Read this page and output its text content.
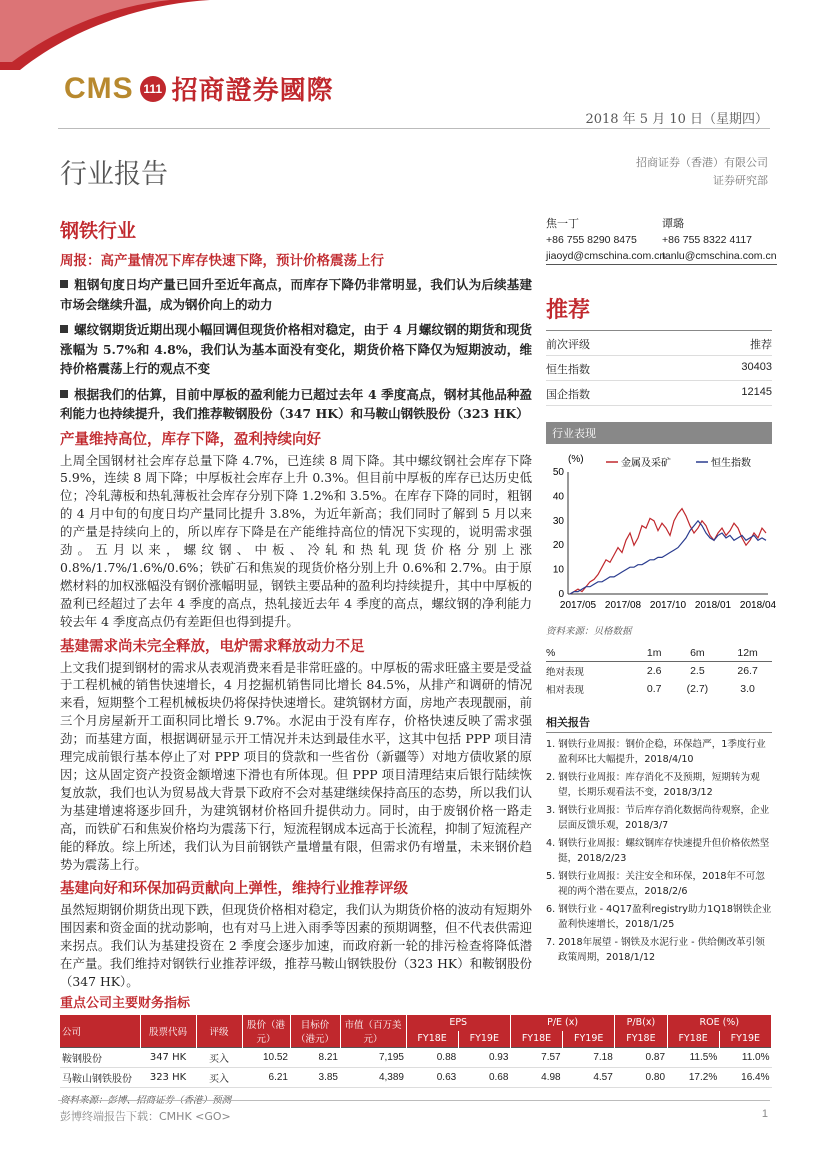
CMS 111 招商證券國際
2018 年 5 月 10 日（星期四）
行业报告	招商证券（香港）有限公司
证券研究部
钢铁行业
周报：高产量情况下库存快速下降，预计价格震荡上行
粗钢旬度日均产量已回升至近年高点，而库存下降仍非常明显，我们认为后续基建市场会继续升温，成为钢价向上的动力
螺纹钢期货近期出现小幅回调但现货价格相对稳定，由于 4 月螺纹钢的期货和现货涨幅为 5.7%和 4.8%，我们认为基本面没有变化，期货价格下降仅为短期波动，维持价格震荡上行的观点不变
根据我们的估算，目前中厚板的盈利能力已超过去年 4 季度高点，钢材其他品种盈利能力也持续提升，我们推荐鞍钢股份（347 HK）和马鞍山钢铁股份（323 HK）
产量维持高位，库存下降，盈利持续向好
上周全国钢材社会库存总量下降 4.7%，已连续 8 周下降。其中螺纹钢社会库存下降 5.9%，连续 8 周下降；中厚板社会库存上升 0.3%。但目前中厚板的库存已达历史低位；冷轧薄板和热轧薄板社会库存分别下降 1.2%和 3.5%。在库存下降的同时，粗钢的 4 月中旬的旬度日均产量同比提升 3.8%，为近年新高；我们同时了解到 5 月以来的产量是持续向上的，所以库存下降是在产能维持高位的情况下实现的，说明需求强劲。五月以来，螺纹钢、中板、冷轧和热轧现货价格分别上涨 0.8%/1.7%/1.6%/0.6%；铁矿石和焦炭的现货价格分别上升 0.6%和 2.7%。由于原燃材料的加权涨幅没有钢价涨幅明显，钢铁主要品种的盈利均持续提升，其中中厚板的盈利已经超过了去年 4 季度的高点，热轧接近去年 4 季度的高点，螺纹钢的净利能力较去年 4 季度高点仍有差距但也得到提升。
基建需求尚未完全释放，电炉需求释放动力不足
上文我们提到钢材的需求从表观消费来看是非常旺盛的。中厚板的需求旺盛主要是受益于工程机械的销售快速增长，4 月挖掘机销售同比增长 84.5%，从排产和调研的情况来看，短期整个工程机械板块仍将保持快速增长。建筑钢材方面，房地产表现靓丽，前三个月房屋新开工面积同比增长 9.7%。水泥由于没有库存，价格快速反映了需求强劲；而基建方面，根据调研显示开工情况并未达到最佳水平，这其中包括 PPP 项目清理完成前银行基本停止了对 PPP 项目的贷款和一些省份（新疆等）对地方债收紧的原因；这从固定资产投资金额增速下滑也有所体现。但 PPP 项目清理结束后银行陆续恢复放款，我们也认为贸易战大背景下政府不会对基建继续保持高压的态势，所以我们认为基建增速将逐步回升，为建筑钢材价格回升提供动力。同时，由于废钢价格一路走高，而铁矿石和焦炭价格均为震荡下行，短流程钢成本远高于长流程，抑制了短流程产能的释放。综上所述，我们认为目前钢铁产量增量有限，但需求仍有增量，未来钢价趋势为震荡上行。
基建向好和环保加码贡献向上弹性，维持行业推荐评级
虽然短期钢价期货出现下跌，但现货价格相对稳定，我们认为期货价格的波动有短期外围因素和资金面的扰动影响，也有对马上进入雨季等因素的预期调整，但不代表供需迎来拐点。我们认为基建投资在 2 季度会逐步加速，而政府新一轮的排污检查将降低潜在产量。我们维持对钢铁行业推荐评级，推荐马鞍山钢铁股份（323 HK）和鞍钢股份（347 HK）。
焦一丁
+86 755 8290 8475
jiaoyd@cmschina.com.cn
谭璐
+86 755 8322 4117
tanlu@cmschina.com.cn
推荐
前次评级	推荐
恒生指数	30403
国企指数	12145
行业表现
0
10
20
30
40
50
(%)
2017/05 2017/08 2017/10 2018/01 2018/04
金属及采矿	恒生指数
资料来源：贝格数据
%	1m	6m	12m
绝对表现	2.6	2.5	26.7
相对表现	0.7	(2.7)	3.0
相关报告
1. 钢铁行业周报：钢价企稳，环保趋严，1季度行业盈利环比大幅提升，2018/4/10
2. 钢铁行业周报：库存消化不及预期，短期转为观望，长期乐观看法不变，2018/3/12
3. 钢铁行业周报：节后库存消化数据尚待观察，企业层面反馈乐观，2018/3/7
4. 钢铁行业周报：螺纹钢库存快速提升但价格依然坚挺，2018/2/23
5. 钢铁行业周报：关注安全和环保，2018年不可忽视的两个潜在要点，2018/2/6
6. 钢铁行业 - 4Q17盈利registry助力1Q18钢铁企业盈利快速增长，2018/1/25
7. 2018年展望 - 钢铁及水泥行业 - 供给侧改革引领政策周期，2018/1/12
重点公司主要财务指标
公司	股票代码	评级	股价（港元）	目标价（港元）	市值（百万美元）	EPS		P/E (x)		P/B(x)	ROE (%)	
						FY18E	FY19E	FY18E	FY19E	FY18E	FY18E	FY19E
鞍钢股份	347 HK	买入	10.52	8.21	7,195	0.88	0.93	7.57	7.18	0.87	11.5%	11.0%
马鞍山钢铁股份	323 HK	买入	6.21	3.85	4,389	0.63	0.68	4.98	4.57	0.80	17.2%	16.4%
资料来源：彭博、招商证券（香港）预测
彭博终端报告下载：CMHK <GO>	1
